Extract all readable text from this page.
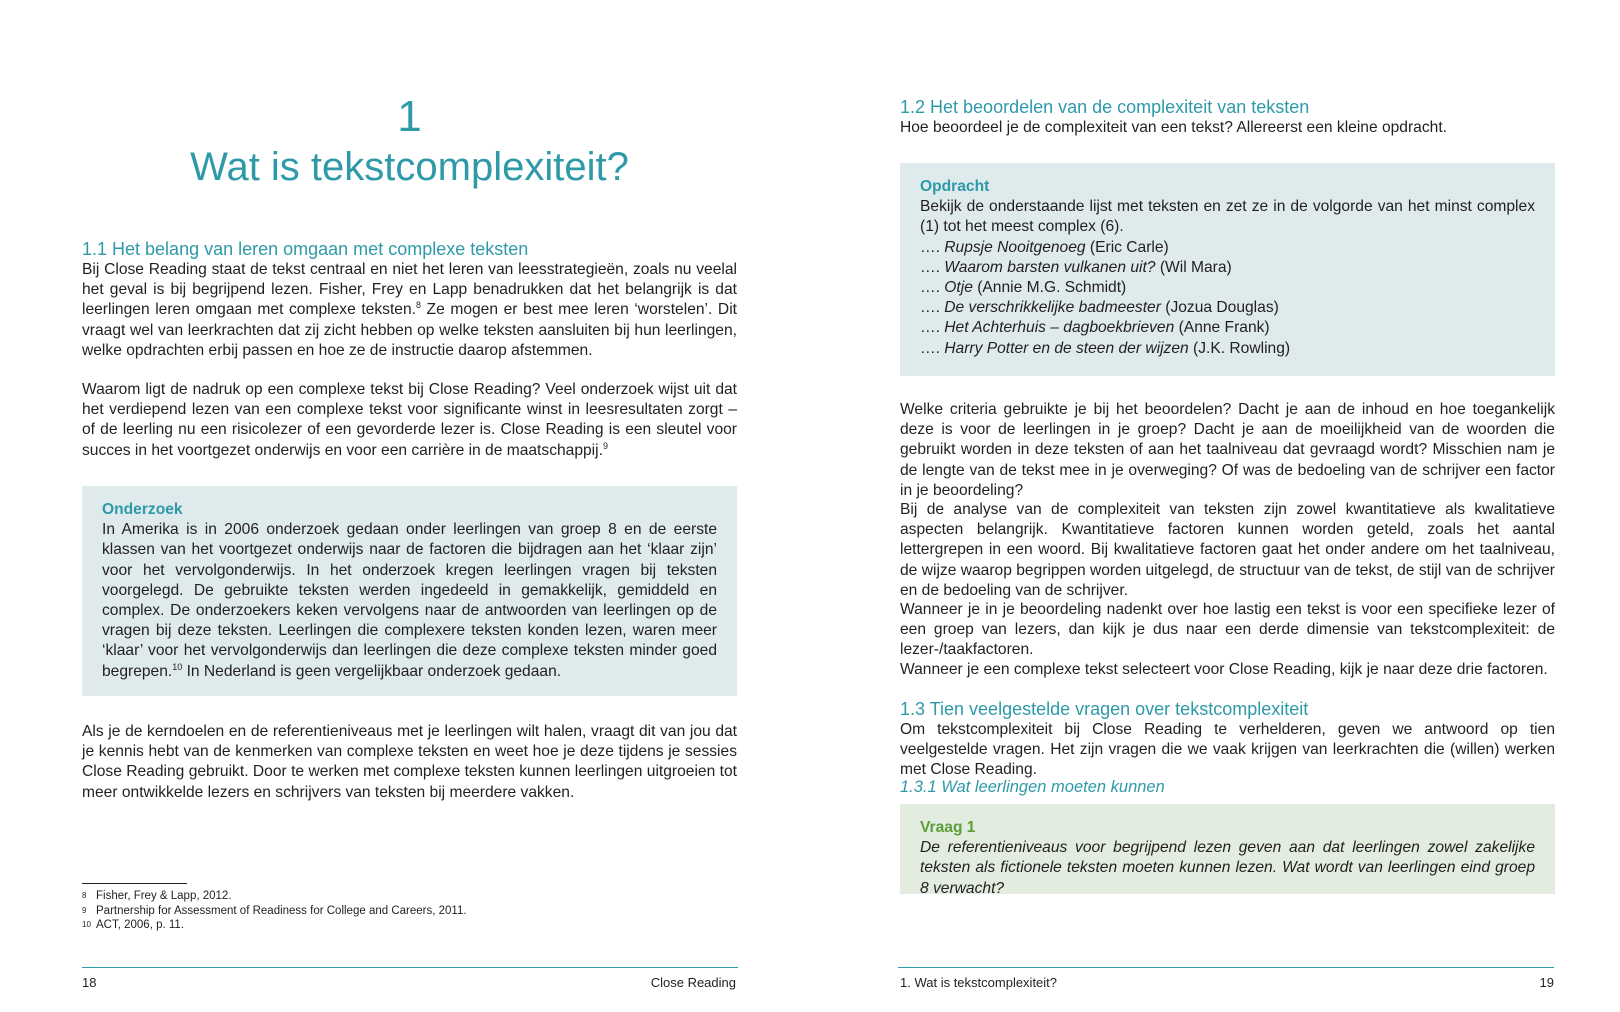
1
Wat is tekstcomplexiteit?
1.1 Het belang van leren omgaan met complexe teksten

Bij Close Reading staat de tekst centraal en niet het leren van leesstrategieën, zoals nu veelal het geval is bij begrijpend lezen. Fisher, Frey en Lapp benadrukken dat het belangrijk is dat leerlingen leren omgaan met complexe teksten.$^8$ Ze mogen er best mee leren ‘worstelen’. Dit vraagt wel van leerkrachten dat zij zicht hebben op welke teksten aansluiten bij hun leerlingen, welke opdrachten erbij passen en hoe ze de instructie daarop afstemmen.

Waarom ligt de nadruk op een complexe tekst bij Close Reading? Veel onderzoek wijst uit dat het verdiepend lezen van een complexe tekst voor significante winst in leesresultaten zorgt – of de leerling nu een risicolezer of een gevorderde lezer is. Close Reading is een sleutel voor succes in het voortgezet onderwijs en voor een carrière in de maatschappij.$^9$

Onderzoek

In Amerika is in 2006 onderzoek gedaan onder leerlingen van groep 8 en de eerste klassen van het voortgezet onderwijs naar de factoren die bijdragen aan het ‘klaar zijn’ voor het vervolgonderwijs. In het onderzoek kregen leerlingen vragen bij teksten voorgelegd. De gebruikte teksten werden ingedeeld in gemakkelijk, gemiddeld en complex. De onderzoekers keken vervolgens naar de antwoorden van leerlingen op de vragen bij deze teksten. Leerlingen die complexere teksten konden lezen, waren meer ‘klaar’ voor het vervolgonderwijs dan leerlingen die deze complexe teksten minder goed begrepen.$^{10}$ In Nederland is geen vergelijkbaar onderzoek gedaan.

Als je de kerndoelen en de referentieniveaus met je leerlingen wilt halen, vraagt dit van jou dat je kennis hebt van de kenmerken van complexe teksten en weet hoe je deze tijdens je sessies Close Reading gebruikt. Door te werken met complexe teksten kunnen leerlingen uitgroeien tot meer ontwikkelde lezers en schrijvers van teksten bij meerdere vakken.

8 Fisher, Frey & Lapp, 2012.
9 Partnership for Assessment of Readiness for College and Careers, 2011.
10 ACT, 2006, p. 11.
18	Close Reading
1.2 Het beoordelen van de complexiteit van teksten

Hoe beoordeel je de complexiteit van een tekst? Allereerst een kleine opdracht.

Opdracht

Bekijk de onderstaande lijst met teksten en zet ze in de volgorde van het minst complex (1) tot het meest complex (6).

…. Rupsje Nooitgenoeg (Eric Carle)
…. Waarom barsten vulkanen uit? (Wil Mara)
…. Otje (Annie M.G. Schmidt)
…. De verschrikkelijke badmeester (Jozua Douglas)
…. Het Achterhuis – dagboekbrieven (Anne Frank)
…. Harry Potter en de steen der wijzen (J.K. Rowling)

Welke criteria gebruikte je bij het beoordelen? Dacht je aan de inhoud en hoe toegankelijk deze is voor de leerlingen in je groep? Dacht je aan de moeilijkheid van de woorden die gebruikt worden in deze teksten of aan het taalniveau dat gevraagd wordt? Misschien nam je de lengte van de tekst mee in je overweging? Of was de bedoeling van de schrijver een factor in je beoordeling?

Bij de analyse van de complexiteit van teksten zijn zowel kwantitatieve als kwalitatieve aspecten belangrijk. Kwantitatieve factoren kunnen worden geteld, zoals het aantal lettergrepen in een woord. Bij kwalitatieve factoren gaat het onder andere om het taalniveau, de wijze waarop begrippen worden uitgelegd, de structuur van de tekst, de stijl van de schrijver en de bedoeling van de schrijver.

Wanneer je in je beoordeling nadenkt over hoe lastig een tekst is voor een specifieke lezer of een groep van lezers, dan kijk je dus naar een derde dimensie van tekstcomplexiteit: de lezer-/taakfactoren.

Wanneer je een complexe tekst selecteert voor Close Reading, kijk je naar deze drie factoren.

1.3 Tien veelgestelde vragen over tekstcomplexiteit

Om tekstcomplexiteit bij Close Reading te verhelderen, geven we antwoord op tien veelgestelde vragen. Het zijn vragen die we vaak krijgen van leerkrachten die (willen) werken met Close Reading.

1.3.1 Wat leerlingen moeten kunnen
Vraag 1

De referentieniveaus voor begrijpend lezen geven aan dat leerlingen zowel zakelijke teksten als fictionele teksten moeten kunnen lezen. Wat wordt van leerlingen eind groep 8 verwacht?

1. Wat is tekstcomplexiteit?	19
